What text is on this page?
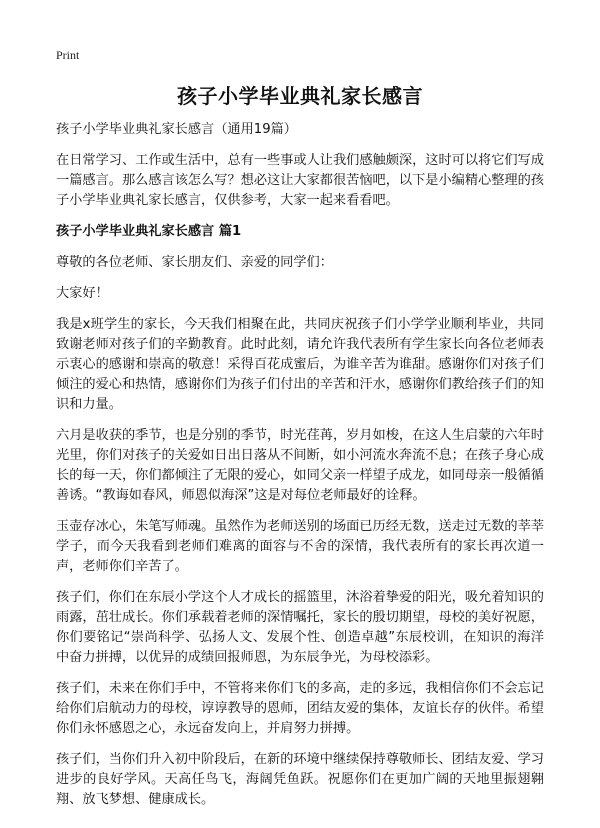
Print
孩子小学毕业典礼家长感言

孩子小学毕业典礼家长感言（通用19篇）

在日常学习、工作或生活中，总有一些事或人让我们感触颇深，这时可以将它们写成一篇感言。那么感言该怎么写？想必这让大家都很苦恼吧，以下是小编精心整理的孩子小学毕业典礼家长感言，仅供参考，大家一起来看看吧。

孩子小学毕业典礼家长感言 篇1

尊敬的各位老师、家长朋友们、亲爱的同学们：

大家好！

我是x班学生的家长，今天我们相聚在此，共同庆祝孩子们小学学业顺利毕业，共同致谢老师对孩子们的辛勤教育。此时此刻，请允许我代表所有学生家长向各位老师表示衷心的感谢和崇高的敬意！采得百花成蜜后，为谁辛苦为谁甜。感谢你们对孩子们倾注的爱心和热情，感谢你们为孩子们付出的辛苦和汗水，感谢你们教给孩子们的知识和力量。

六月是收获的季节，也是分别的季节，时光荏苒，岁月如梭，在这人生启蒙的六年时光里，你们对孩子的关爱如日出日落从不间断，如小河流水奔流不息；在孩子身心成长的每一天，你们都倾注了无限的爱心，如同父亲一样望子成龙，如同母亲一般循循善诱。“教诲如春风，师恩似海深”这是对每位老师最好的诠释。

玉壶存冰心，朱笔写师魂。虽然作为老师送别的场面已历经无数，送走过无数的莘莘学子，而今天我看到老师们难离的面容与不舍的深情，我代表所有的家长再次道一声，老师你们辛苦了。

孩子们，你们在东辰小学这个人才成长的摇篮里，沐浴着挚爱的阳光，吸允着知识的雨露，茁壮成长。你们承载着老师的深情嘱托，家长的殷切期望，母校的美好祝愿，你们要铭记“崇尚科学、弘扬人文、发展个性、创造卓越”东辰校训，在知识的海洋中奋力拼搏，以优异的成绩回报师恩，为东辰争光，为母校添彩。

孩子们，未来在你们手中，不管将来你们飞的多高，走的多远，我相信你们不会忘记给你们启航动力的母校，谆谆教导的恩师，团结友爱的集体，友谊长存的伙伴。希望你们永怀感恩之心，永远奋发向上，并肩努力拼搏。

孩子们，当你们升入初中阶段后，在新的环境中继续保持尊敬师长、团结友爱、学习进步的良好学风。天高任鸟飞，海阔凭鱼跃。祝愿你们在更加广阔的天地里振翅翱翔、放飞梦想、健康成长。
